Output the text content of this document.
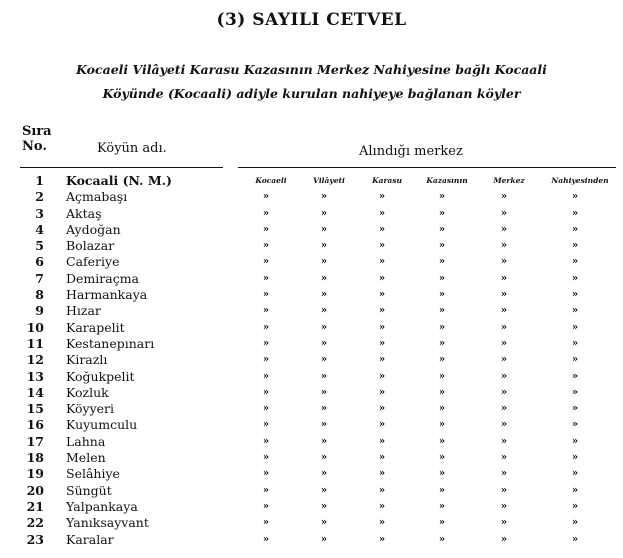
(3) SAYILI CETVEL
Kocaeli Vilâyeti Karasu Kazasının Merkez Nahiyesine bağlı Kocaali
Köyünde (Kocaali) adiyle kurulan nahiyeye bağlanan köyler
Sıra
No.	Köyün adı.	Alındığı merkez
1 Kocaali (N. M.)	Kocaeli	Vilâyeti	Karasu	Kazasının	Merkez	Nahiyesinden
2 Açmabaşı	»	»	»	»	»	»
3 Aktaş	»	»	»	»	»	»
4 Aydoğan	»	»	»	»	»	»
5 Bolazar	»	»	»	»	»	»
6 Caferiye	»	»	»	»	»	»
7 Demiraçma	»	»	»	»	»	»
8 Harmankaya	»	»	»	»	»	»
9 Hızar	»	»	»	»	»	»
10 Karapelit	»	»	»	»	»	»
11 Kestanepınarı	»	»	»	»	»	»
12 Kirazlı	»	»	»	»	»	»
13 Koğukpelit	»	»	»	»	»	»
14 Kozluk	»	»	»	»	»	»
15 Köyyeri	»	»	»	»	»	»
16 Kuyumculu	»	»	»	»	»	»
17 Lahna	»	»	»	»	»	»
18 Melen	»	»	»	»	»	»
19 Selâhiye	»	»	»	»	»	»
20 Süngüt	»	»	»	»	»	»
21 Yalpankaya	»	»	»	»	»	»
22 Yanıksayvant	»	»	»	»	»	»
23 Karalar	»	»	»	»	»	»
